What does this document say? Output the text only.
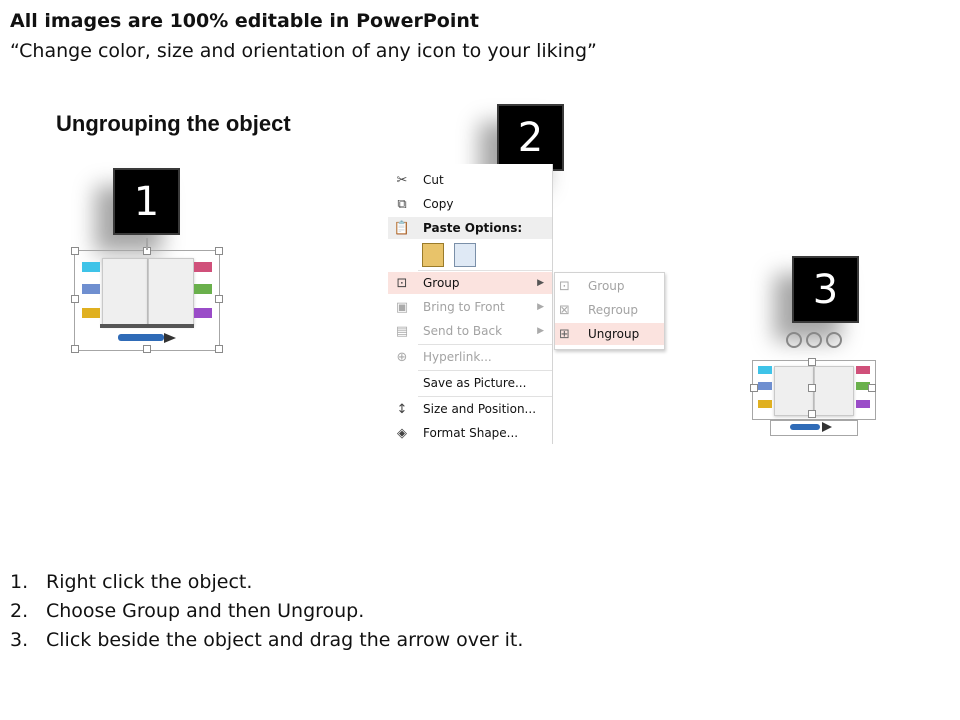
All images are 100% editable in PowerPoint
“Change color, size and orientation of any icon to your liking”
Ungrouping the object
1
2
✂ Cut
⧉ Copy
📋 Paste Options:
⊡ Group	▶
▣ Bring to Front	▶
▤ Send to Back	▶
⊕ Hyperlink...
Save as Picture...
↕ Size and Position...
◈ Format Shape...
⊡ Group
⊠ Regroup
⊞ Ungroup
3
1. Right click the object.
2. Choose Group and then Ungroup.
3. Click beside the object and drag the arrow over it.
